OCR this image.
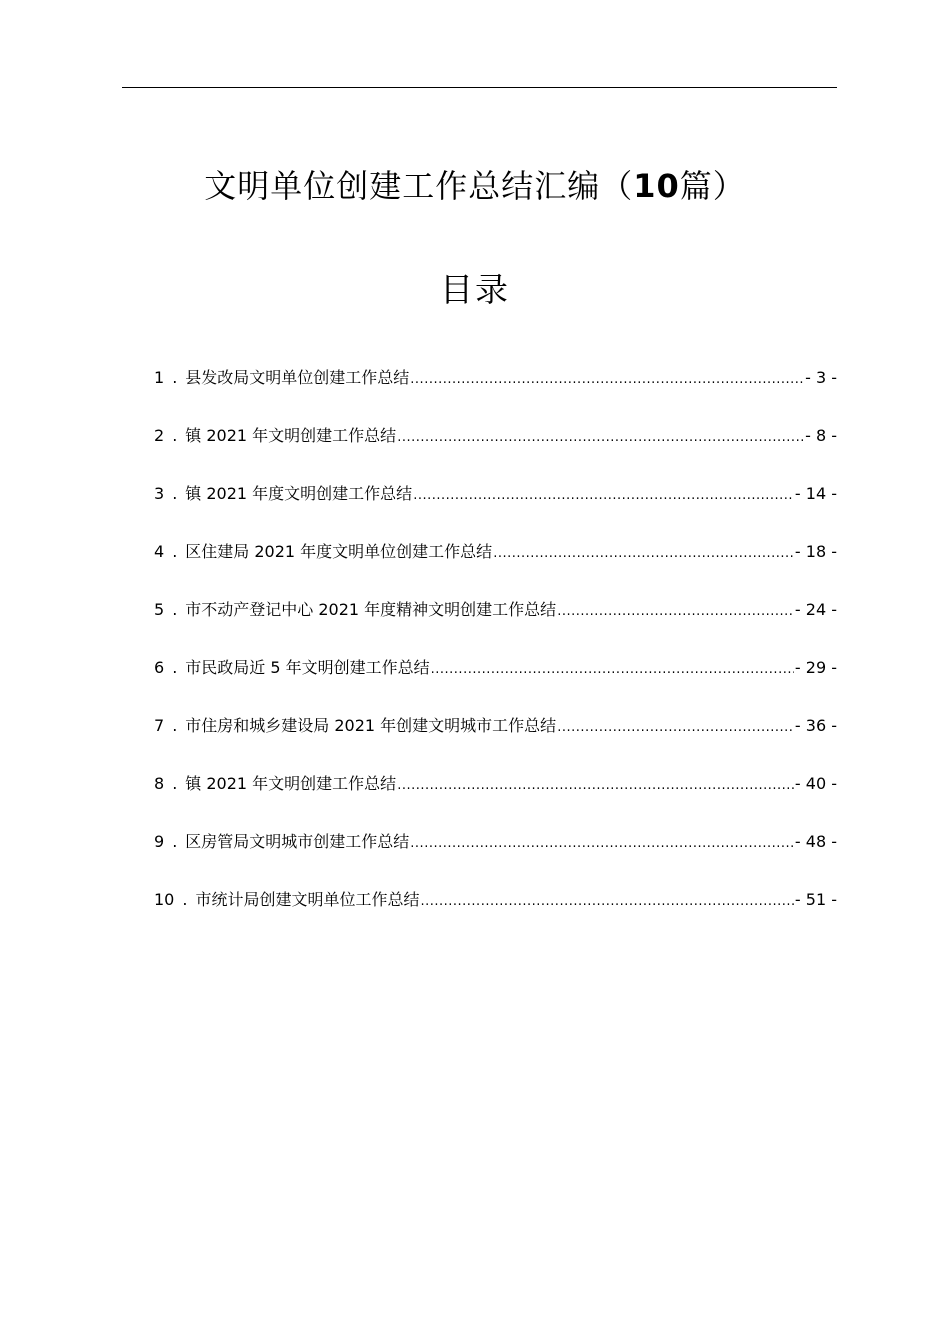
文明单位创建工作总结汇编（10篇）
目录
1 . 县发改局文明单位创建工作总结 .....	- 3 -
2 . 镇 2021 年文明创建工作总结 .....	- 8 -
3 . 镇 2021 年度文明创建工作总结 .....	- 14 -
4 . 区住建局 2021 年度文明单位创建工作总结 .....	- 18 -
5 . 市不动产登记中心 2021 年度精神文明创建工作总结 .....	- 24 -
6 . 市民政局近 5 年文明创建工作总结 .....	- 29 -
7 . 市住房和城乡建设局 2021 年创建文明城市工作总结 .....	- 36 -
8 . 镇 2021 年文明创建工作总结 .....	- 40 -
9 . 区房管局文明城市创建工作总结 .....	- 48 -
10 . 市统计局创建文明单位工作总结 .....	- 51 -
